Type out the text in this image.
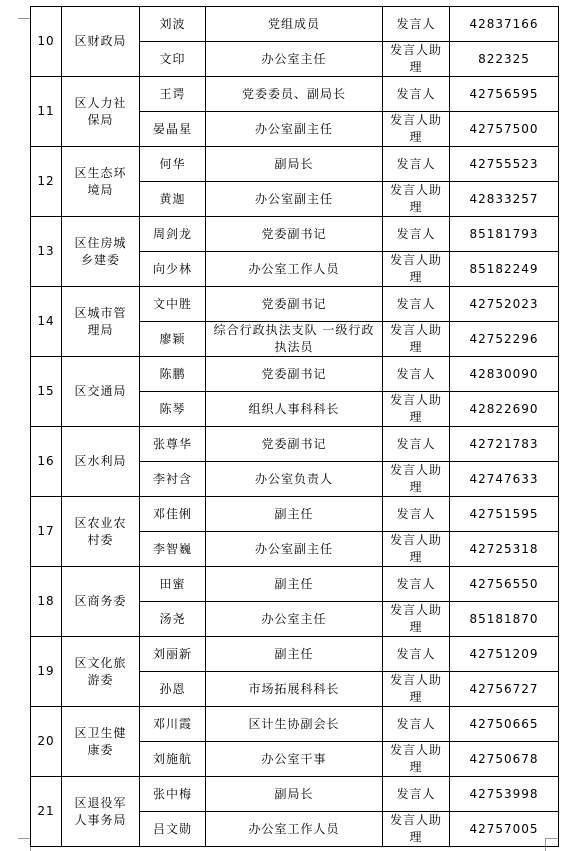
10	区财政局	刘波	党组成员	发言人	42837166
		文印	办公室主任	发言人助理	822325
11	区人力社保局	王谔	党委委员、副局长	发言人	42756595
		晏晶星	办公室副主任	发言人助理	42757500
12	区生态环境局	何华	副局长	发言人	42755523
		黄迦	办公室副主任	发言人助理	42833257
13	区住房城乡建委	周剑龙	党委副书记	发言人	85181793
		向少林	办公室工作人员	发言人助理	85182249
14	区城市管理局	文中胜	党委副书记	发言人	42752023
		廖颖	综合行政执法支队 一级行政执法员	发言人助理	42752296
15	区交通局	陈鹏	党委副书记	发言人	42830090
		陈琴	组织人事科科长	发言人助理	42822690
16	区水利局	张尊华	党委副书记	发言人	42721783
		李衬含	办公室负责人	发言人助理	42747633
17	区农业农村委	邓佳俐	副主任	发言人	42751595
		李智巍	办公室副主任	发言人助理	42725318
18	区商务委	田蜜	副主任	发言人	42756550
		汤尧	办公室主任	发言人助理	85181870
19	区文化旅游委	刘丽新	副主任	发言人	42751209
		孙恩	市场拓展科科长	发言人助理	42756727
20	区卫生健康委	邓川霞	区计生协副会长	发言人	42750665
		刘施航	办公室干事	发言人助理	42750678
21	区退役军人事务局	张中梅	副局长	发言人	42753998
		吕文勋	办公室工作人员	发言人助理	42757005
